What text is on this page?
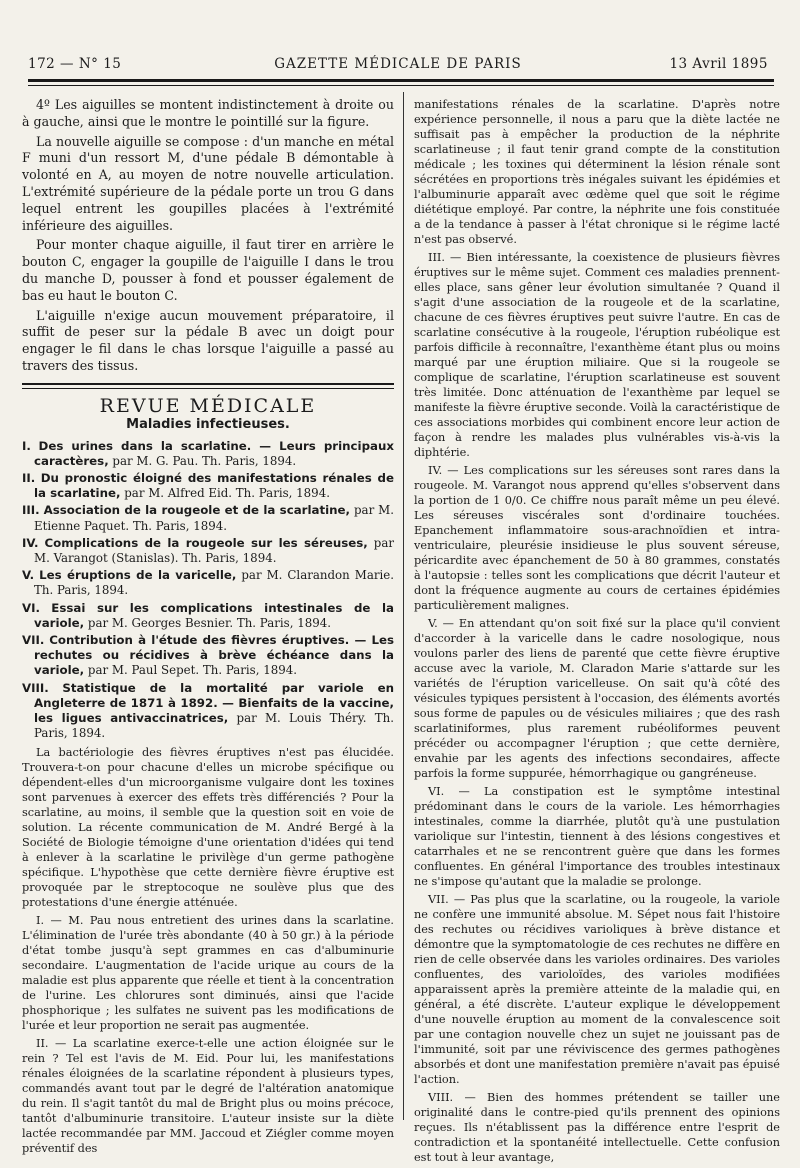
172 — N° 15	GAZETTE MÉDICALE DE PARIS	13 Avril 1895

4º Les aiguilles se montent indistinctement à droite ou à gauche, ainsi que le montre le pointillé sur la figure.

La nouvelle aiguille se compose : d'un manche en métal F muni d'un ressort M, d'une pédale B démontable à volonté en A, au moyen de notre nouvelle articulation. L'extrémité supérieure de la pédale porte un trou G dans lequel entrent les goupilles placées à l'extrémité inférieure des aiguilles.

Pour monter chaque aiguille, il faut tirer en arrière le bouton C, engager la goupille de l'aiguille I dans le trou du manche D, pousser à fond et pousser également de bas eu haut le bouton C.

L'aiguille n'exige aucun mouvement préparatoire, il suffit de peser sur la pédale B avec un doigt pour engager le fil dans le chas lorsque l'aiguille a passé au travers des tissus.

REVUE MÉDICALE
Maladies infectieuses.
I. Des urines dans la scarlatine. — Leurs principaux caractères, par M. G. Pau. Th. Paris, 1894.
II. Du pronostic éloigné des manifestations rénales de la scarlatine, par M. Alfred Eid. Th. Paris, 1894.
III. Association de la rougeole et de la scarlatine, par M. Etienne Paquet. Th. Paris, 1894.
IV. Complications de la rougeole sur les séreuses, par M. Varangot (Stanislas). Th. Paris, 1894.
V. Les éruptions de la varicelle, par M. Clarandon Marie. Th. Paris, 1894.
VI. Essai sur les complications intestinales de la variole, par M. Georges Besnier. Th. Paris, 1894.
VII. Contribution à l'étude des fièvres éruptives. — Les rechutes ou récidives à brève échéance dans la variole, par M. Paul Sepet. Th. Paris, 1894.
VIII. Statistique de la mortalité par variole en Angleterre de 1871 à 1892. — Bienfaits de la vaccine, les ligues antivaccinatrices, par M. Louis Théry. Th. Paris, 1894.

La bactériologie des fièvres éruptives n'est pas élucidée. Trouvera-t-on pour chacune d'elles un microbe spécifique ou dépendent-elles d'un microorganisme vulgaire dont les toxines sont parvenues à exercer des effets très différenciés ? Pour la scarlatine, au moins, il semble que la question soit en voie de solution. La récente communication de M. André Bergé à la Société de Biologie témoigne d'une orientation d'idées qui tend à enlever à la scarlatine le privilège d'un germe pathogène spécifique. L'hypothèse que cette dernière fièvre éruptive est provoquée par le streptocoque ne soulève plus que des protestations d'une énergie atténuée.

I. — M. Pau nous entretient des urines dans la scarlatine. L'élimination de l'urée très abondante (40 à 50 gr.) à la période d'état tombe jusqu'à sept grammes en cas d'albuminurie secondaire. L'augmentation de l'acide urique au cours de la maladie est plus apparente que réelle et tient à la concentration de l'urine. Les chlorures sont diminués, ainsi que l'acide phosphorique ; les sulfates ne suivent pas les modifications de l'urée et leur proportion ne serait pas augmentée.

II. — La scarlatine exerce-t-elle une action éloignée sur le rein ? Tel est l'avis de M. Eid. Pour lui, les manifestations rénales éloignées de la scarlatine répondent à plusieurs types, commandés avant tout par le degré de l'altération anatomique du rein. Il s'agit tantôt du mal de Bright plus ou moins précoce, tantôt d'albuminurie transitoire. L'auteur insiste sur la diète lactée recommandée par MM. Jaccoud et Ziégler comme moyen préventif des

manifestations rénales de la scarlatine. D'après notre expérience personnelle, il nous a paru que la diète lactée ne suffisait pas à empêcher la production de la néphrite scarlatineuse ; il faut tenir grand compte de la constitution médicale ; les toxines qui déterminent la lésion rénale sont sécrétées en proportions très inégales suivant les épidémies et l'albuminurie apparaît avec œdème quel que soit le régime diététique employé. Par contre, la néphrite une fois constituée a de la tendance à passer à l'état chronique si le régime lacté n'est pas observé.

III. — Bien intéressante, la coexistence de plusieurs fièvres éruptives sur le même sujet. Comment ces maladies prennent-elles place, sans gêner leur évolution simultanée ? Quand il s'agit d'une association de la rougeole et de la scarlatine, chacune de ces fièvres éruptives peut suivre l'autre. En cas de scarlatine consécutive à la rougeole, l'éruption rubéolique est parfois difficile à reconnaître, l'exanthème étant plus ou moins marqué par une éruption miliaire. Que si la rougeole se complique de scarlatine, l'éruption scarlatineuse est souvent très limitée. Donc atténuation de l'exanthème par lequel se manifeste la fièvre éruptive seconde. Voilà la caractéristique de ces associations morbides qui combinent encore leur action de façon à rendre les malades plus vulnérables vis-à-vis la diphtérie.

IV. — Les complications sur les séreuses sont rares dans la rougeole. M. Varangot nous apprend qu'elles s'observent dans la portion de 1 0/0. Ce chiffre nous paraît même un peu élevé. Les séreuses viscérales sont d'ordinaire touchées. Epanchement inflammatoire sous-arachnoïdien et intra-ventriculaire, pleurésie insidieuse le plus souvent séreuse, péricardite avec épanchement de 50 à 80 grammes, constatés à l'autopsie : telles sont les complications que décrit l'auteur et dont la fréquence augmente au cours de certaines épidémies particulièrement malignes.

V. — En attendant qu'on soit fixé sur la place qu'il convient d'accorder à la varicelle dans le cadre nosologique, nous voulons parler des liens de parenté que cette fièvre éruptive accuse avec la variole, M. Claradon Marie s'attarde sur les variétés de l'éruption varicelleuse. On sait qu'à côté des vésicules typiques persistent à l'occasion, des éléments avortés sous forme de papules ou de vésicules miliaires ; que des rash scarlatiniformes, plus rarement rubéoliformes peuvent précéder ou accompagner l'éruption ; que cette dernière, envahie par les agents des infections secondaires, affecte parfois la forme suppurée, hémorrhagique ou gangréneuse.

VI. — La constipation est le symptôme intestinal prédominant dans le cours de la variole. Les hémorrhagies intestinales, comme la diarrhée, plutôt qu'à une pustulation variolique sur l'intestin, tiennent à des lésions congestives et catarrhales et ne se rencontrent guère que dans les formes confluentes. En général l'importance des troubles intestinaux ne s'impose qu'autant que la maladie se prolonge.

VII. — Pas plus que la scarlatine, ou la rougeole, la variole ne confère une immunité absolue. M. Sépet nous fait l'histoire des rechutes ou récidives varioliques à brève distance et démontre que la symptomatologie de ces rechutes ne diffère en rien de celle observée dans les varioles ordinaires. Des varioles confluentes, des varioloïdes, des varioles modifiées apparaissent après la première atteinte de la maladie qui, en général, a été discrète. L'auteur explique le développement d'une nouvelle éruption au moment de la convalescence soit par une contagion nouvelle chez un sujet ne jouissant pas de l'immunité, soit par une réviviscence des germes pathogènes absorbés et dont une manifestation première n'avait pas épuisé l'action.

VIII. — Bien des hommes prétendent se tailler une originalité dans le contre-pied qu'ils prennent des opinions reçues. Ils n'établissent pas la différence entre l'esprit de contradiction et la spontanéité intellectuelle. Cette confusion est tout à leur avantage,
